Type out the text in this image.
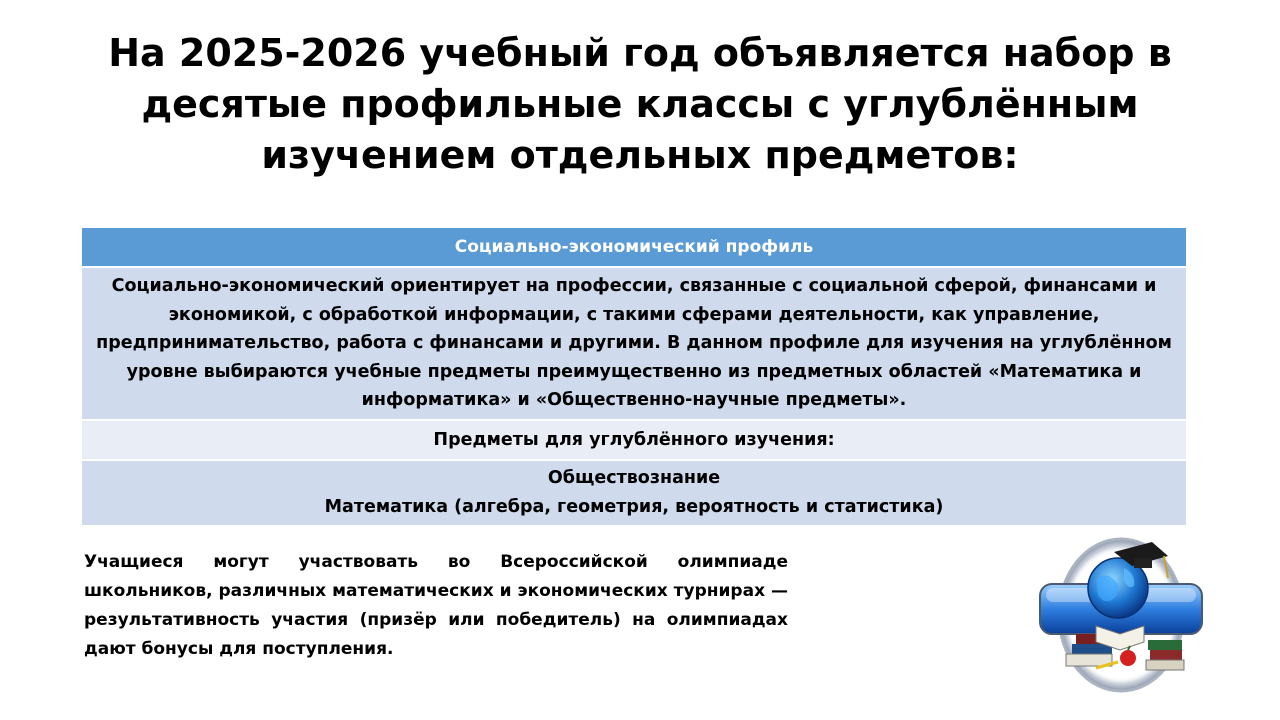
На 2025-2026 учебный год объявляется набор в десятые профильные классы с углублённым изучением отдельных предметов:
Социально-экономический профиль
Социально-экономический ориентирует на профессии, связанные с социальной сферой, финансами и экономикой, с обработкой информации, с такими сферами деятельности, как управление, предпринимательство, работа с финансами и другими. В данном профиле для изучения на углублённом уровне выбираются учебные предметы преимущественно из предметных областей «Математика и информатика» и «Общественно-научные предметы».
Предметы для углублённого изучения:

Обществознание
Математика (алгебра, геометрия, вероятность и статистика)

Учащиеся могут участвовать во Всероссийской олимпиаде школьников, различных математических и экономических турнирах — результативность участия (призёр или победитель) на олимпиадах дают бонусы для поступления.
